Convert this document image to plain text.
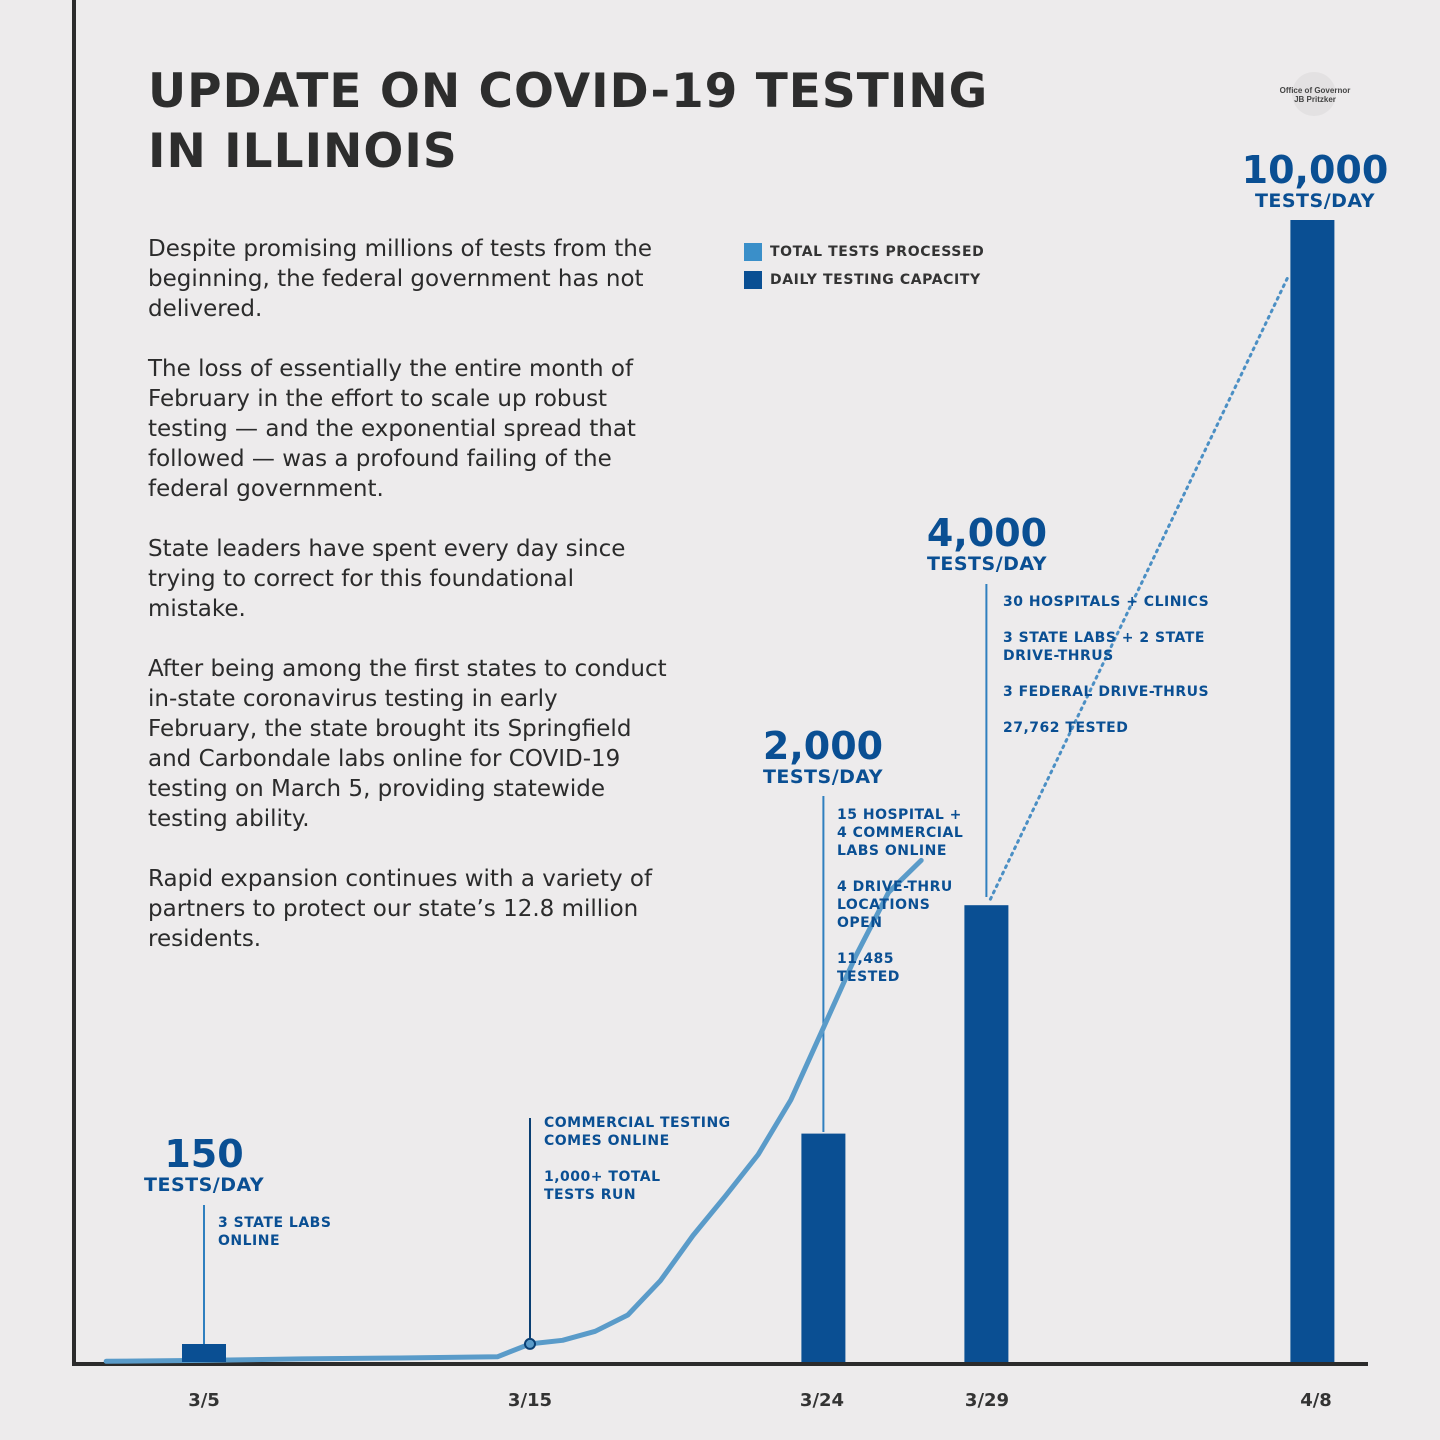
UPDATE ON COVID-19 TESTING
IN ILLINOIS
Office of Governor
JB Pritzker

Despite promising millions of tests from the beginning, the federal government has not delivered.

The loss of essentially the entire month of February in the effort to scale up robust testing — and the exponential spread that followed — was a profound failing of the federal government.

State leaders have spent every day since trying to correct for this foundational mistake.

After being among the first states to conduct in-state coronavirus testing in early February, the state brought its Springfield and Carbondale labs online for COVID-19 testing on March 5, providing statewide testing ability.

Rapid expansion continues with a variety of partners to protect our state’s 12.8 million residents.

TOTAL TESTS PROCESSED
DAILY TESTING CAPACITY
150
TESTS/DAY
2,000
TESTS/DAY
4,000
TESTS/DAY
10,000
TESTS/DAY

3 STATE LABS
ONLINE

COMMERCIAL TESTING
COMES ONLINE

1,000+ TOTAL
TESTS RUN

15 HOSPITAL +
4 COMMERCIAL
LABS ONLINE

4 DRIVE-THRU
LOCATIONS
OPEN

11,485
TESTED

30 HOSPITALS + CLINICS

3 STATE LABS + 2 STATE
DRIVE-THRUS

3 FEDERAL DRIVE-THRUS

27,762 TESTED

3/5	3/15	3/24	3/29	4/8
